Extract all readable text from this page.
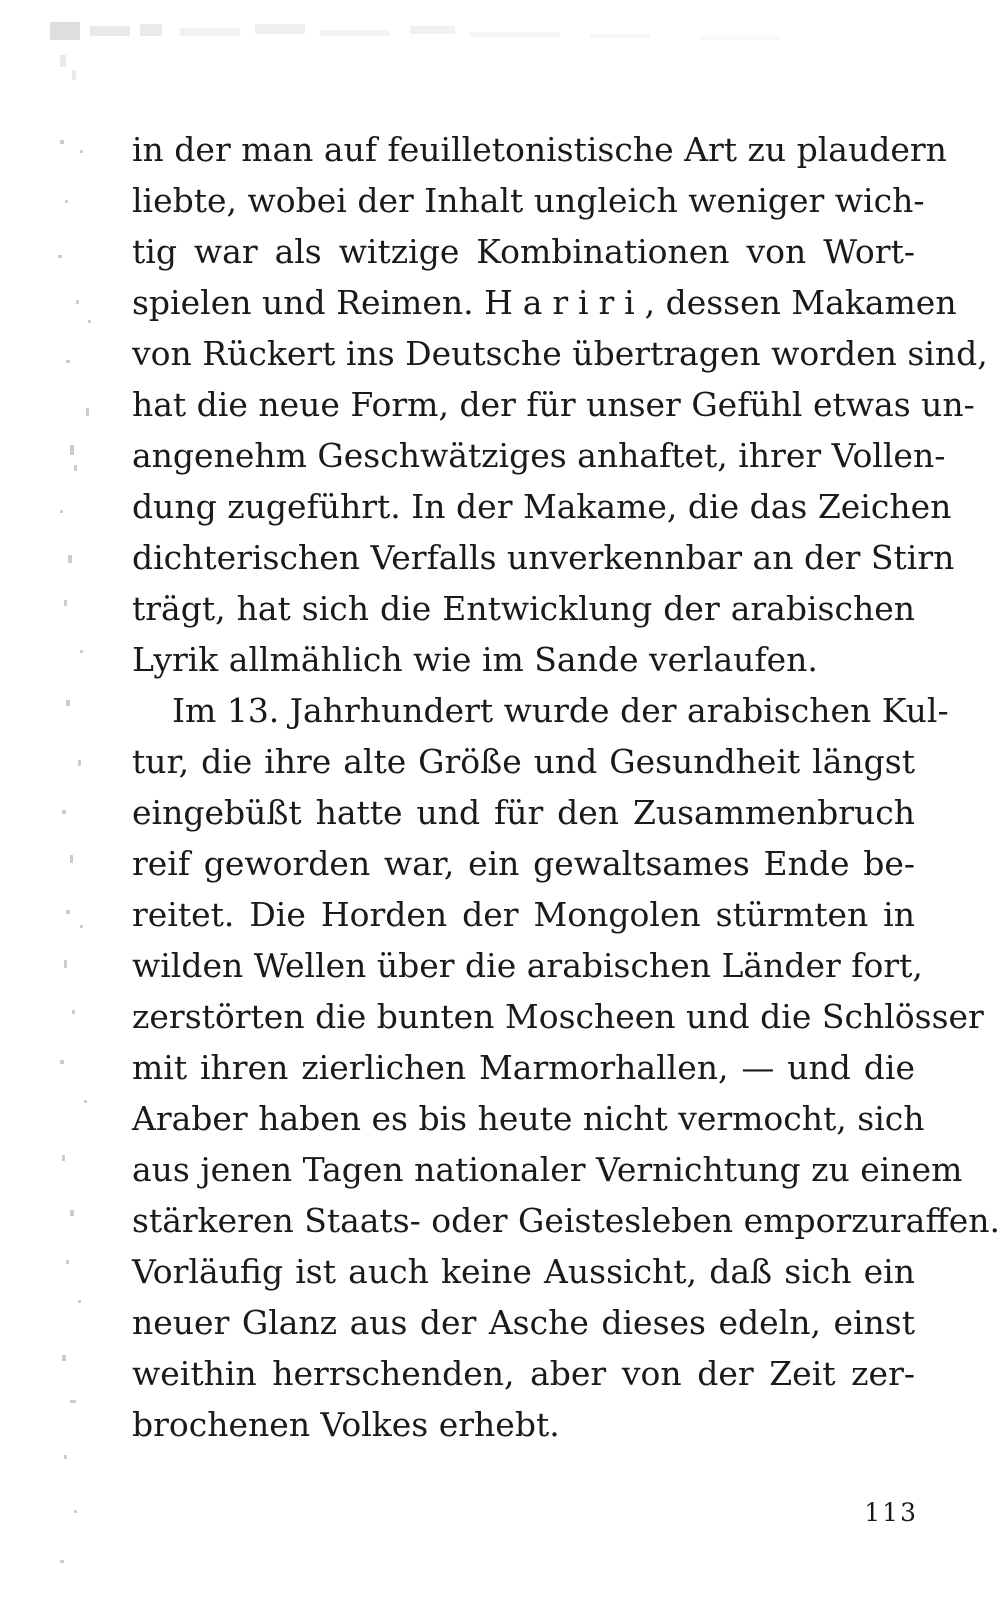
in der man auf feuilletonistische Art zu plaudern
liebte, wobei der Inhalt ungleich weniger wich-
tig war als witzige Kombinationen von Wort-
spielen und Reimen. Hariri, dessen Makamen
von Rückert ins Deutsche übertragen worden sind,
hat die neue Form, der für unser Gefühl etwas un-
angenehm Geschwätziges anhaftet, ihrer Vollen-
dung zugeführt. In der Makame, die das Zeichen
dichterischen Verfalls unverkennbar an der Stirn
trägt, hat sich die Entwicklung der arabischen
Lyrik allmählich wie im Sande verlaufen.
Im 13. Jahrhundert wurde der arabischen Kul-
tur, die ihre alte Größe und Gesundheit längst
eingebüßt hatte und für den Zusammenbruch
reif geworden war, ein gewaltsames Ende be-
reitet. Die Horden der Mongolen stürmten in
wilden Wellen über die arabischen Länder fort,
zerstörten die bunten Moscheen und die Schlösser
mit ihren zierlichen Marmorhallen, — und die
Araber haben es bis heute nicht vermocht, sich
aus jenen Tagen nationaler Vernichtung zu einem
stärkeren Staats- oder Geistesleben emporzuraffen.
Vorläufig ist auch keine Aussicht, daß sich ein
neuer Glanz aus der Asche dieses edeln, einst
weithin herrschenden, aber von der Zeit zer-
brochenen Volkes erhebt.
113
